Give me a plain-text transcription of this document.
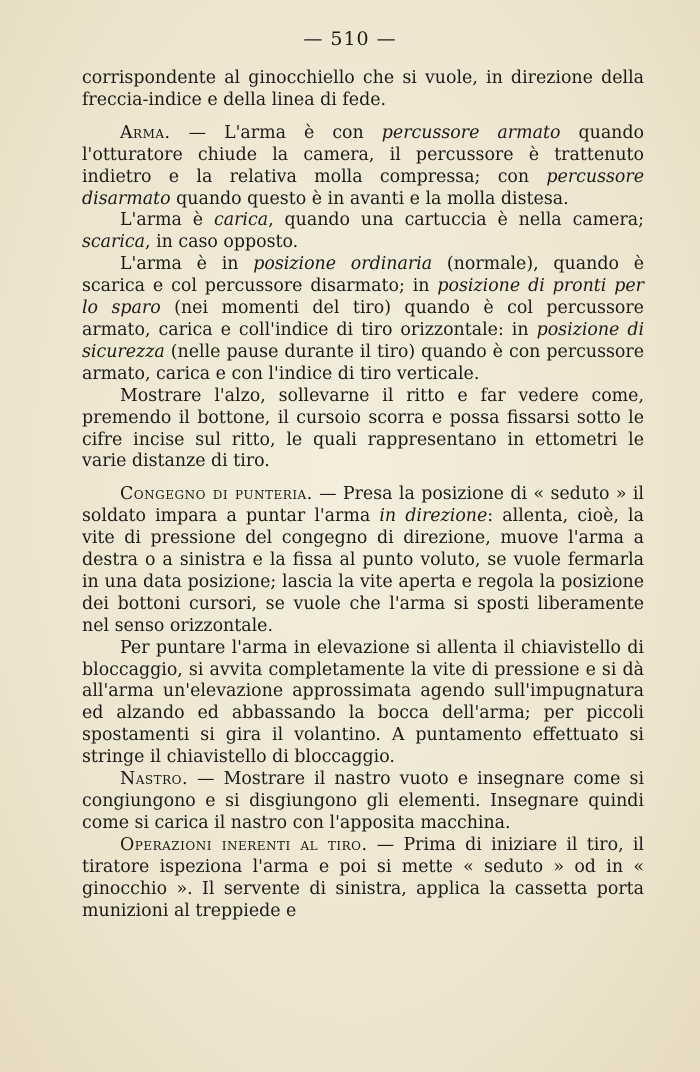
— 510 —

corrispondente al ginocchiello che si vuole, in direzione della freccia-indice e della linea di fede.

Arma. — L'arma è con percussore armato quando l'otturatore chiude la camera, il percussore è trattenuto indietro e la relativa molla compressa; con percussore disarmato quando questo è in avanti e la molla distesa.

L'arma è carica, quando una cartuccia è nella camera; scarica, in caso opposto.

L'arma è in posizione ordinaria (normale), quando è scarica e col percussore disarmato; in posizione di pronti per lo sparo (nei momenti del tiro) quando è col percussore armato, carica e coll'indice di tiro orizzontale: in posizione di sicurezza (nelle pause durante il tiro) quando è con percussore armato, carica e con l'indice di tiro verticale.

Mostrare l'alzo, sollevarne il ritto e far vedere come, premendo il bottone, il cursoio scorra e possa fissarsi sotto le cifre incise sul ritto, le quali rappresentano in ettometri le varie distanze di tiro.

Congegno di punteria. — Presa la posizione di « seduto » il soldato impara a puntar l'arma in direzione: allenta, cioè, la vite di pressione del congegno di direzione, muove l'arma a destra o a sinistra e la fissa al punto voluto, se vuole fermarla in una data posizione; lascia la vite aperta e regola la posizione dei bottoni cursori, se vuole che l'arma si sposti liberamente nel senso orizzontale.

Per puntare l'arma in elevazione si allenta il chiavistello di bloccaggio, si avvita completamente la vite di pressione e si dà all'arma un'elevazione approssimata agendo sull'impugnatura ed alzando ed abbassando la bocca dell'arma; per piccoli spostamenti si gira il volantino. A puntamento effettuato si stringe il chiavistello di bloccaggio.

Nastro. — Mostrare il nastro vuoto e insegnare come si congiungono e si disgiungono gli elementi. Insegnare quindi come si carica il nastro con l'apposita macchina.

Operazioni inerenti al tiro. — Prima di iniziare il tiro, il tiratore ispeziona l'arma e poi si mette « seduto » od in « ginocchio ». Il servente di sinistra, applica la cassetta porta munizioni al treppiede e
